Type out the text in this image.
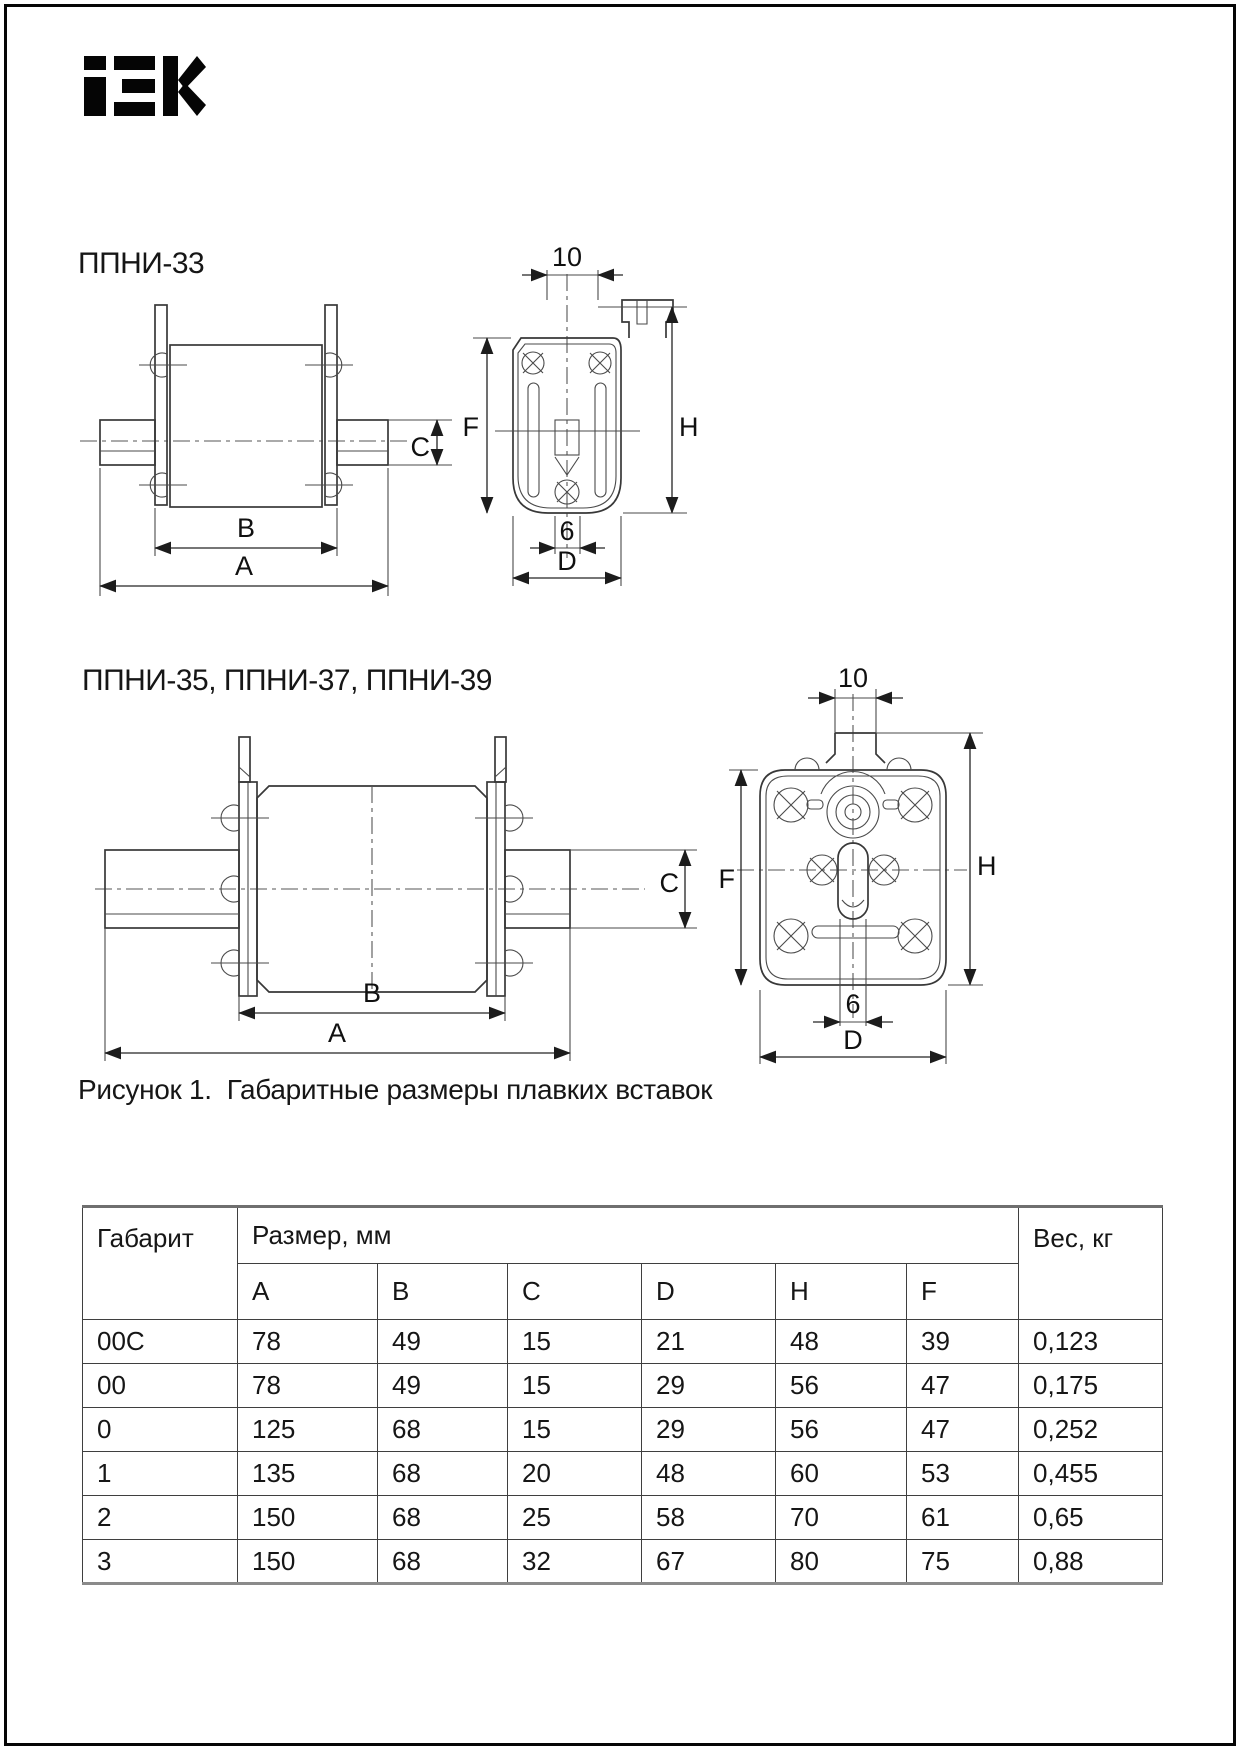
ППНИ-33	10
C
B
A
F	H
6
D
ППНИ-35, ППНИ-37, ППНИ-39	10
C
B
A
F	H
6
D
Рисунок 1.  Габаритные размеры плавких вставок
Габарит	Размер, мм						Вес, кг
	A	B	C	D	H	F	
00C	78	49	15	21	48	39	0,123
00	78	49	15	29	56	47	0,175
0	125	68	15	29	56	47	0,252
1	135	68	20	48	60	53	0,455
2	150	68	25	58	70	61	0,65
3	150	68	32	67	80	75	0,88
